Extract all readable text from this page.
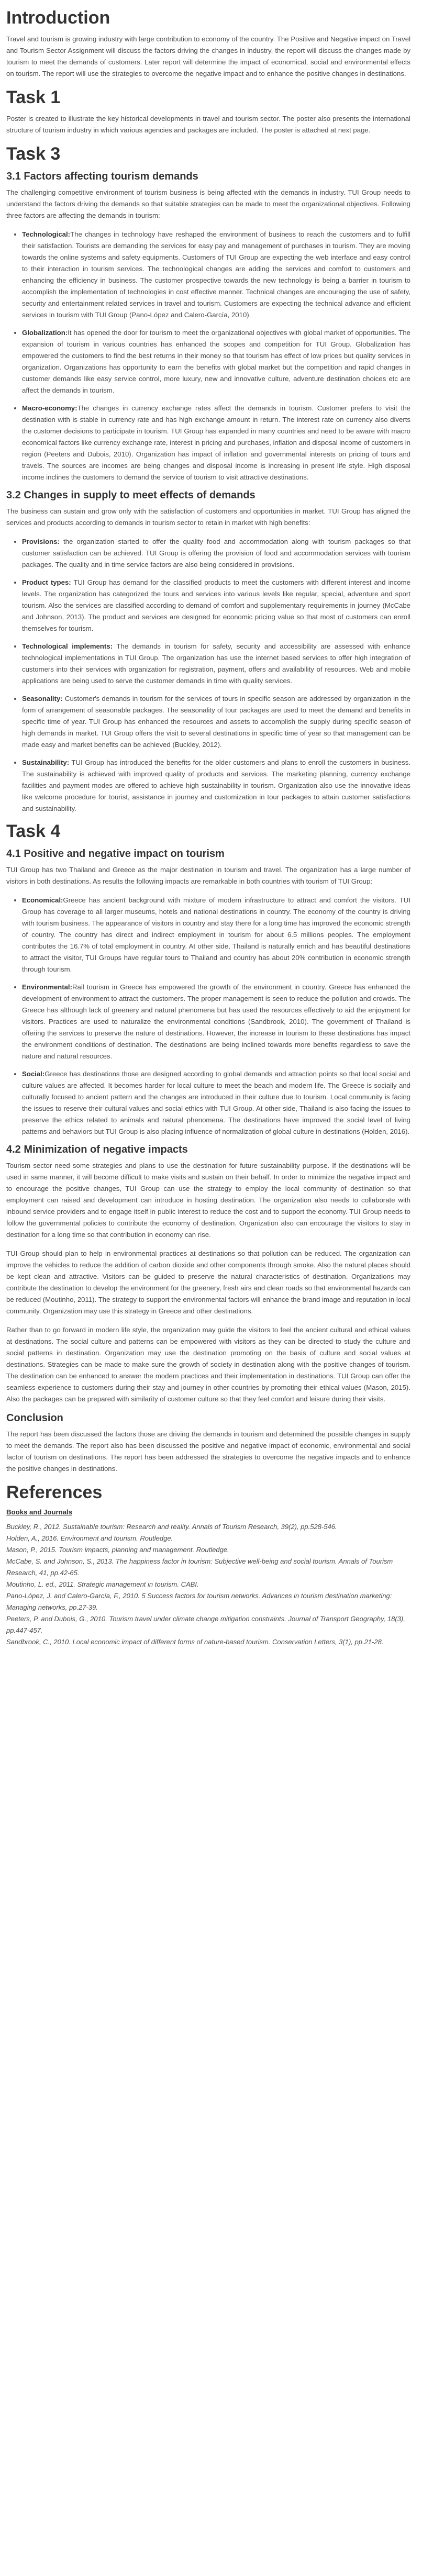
Introduction

Travel and tourism is growing industry with large contribution to economy of the country. The Positive and Negative impact on Travel and Tourism Sector Assignment will discuss the factors driving the changes in industry, the report will discuss the changes made by tourism to meet the demands of customers. Later report will determine the impact of economical, social and environmental effects on tourism. The report will use the strategies to overcome the negative impact and to enhance the positive changes in destinations.

Task 1

Poster is created to illustrate the key historical developments in travel and tourism sector. The poster also presents the international structure of tourism industry in which various agencies and packages are included. The poster is attached at next page.

Task 3
3.1 Factors affecting tourism demands

The challenging competitive environment of tourism business is being affected with the demands in industry. TUI Group needs to understand the factors driving the demands so that suitable strategies can be made to meet the organizational objectives. Following three factors are affecting the demands in tourism:

• Technological:The changes in technology have reshaped the environment of business to reach the customers and to fulfill their satisfaction. Tourists are demanding the services for easy pay and management of purchases in tourism. They are moving towards the online systems and safety equipments. Customers of TUI Group are expecting the web interface and easy control to their interaction in tourism services. The technological changes are adding the services and comfort to customers and enhancing the efficiency in business. The customer prospective towards the new technology is being a barrier in tourism to accomplish the implementation of technologies in cost effective manner. Technical changes are encouraging the use of safety, security and entertainment related services in travel and tourism. Customers are expecting the technical advance and efficient services in tourism with TUI Group (Pano-López and Calero-García, 2010).
• Globalization:It has opened the door for tourism to meet the organizational objectives with global market of opportunities. The expansion of tourism in various countries has enhanced the scopes and competition for TUI Group. Globalization has empowered the customers to find the best returns in their money so that tourism has effect of low prices but quality services in organization. Organizations has opportunity to earn the benefits with global market but the competition and rapid changes in customer demands like easy service control, more luxury, new and innovative culture, adventure destination choices etc are affect the demands in tourism.
• Macro-economy:The changes in currency exchange rates affect the demands in tourism. Customer prefers to visit the destination with is stable in currency rate and has high exchange amount in return. The interest rate on currency also diverts the customer decisions to participate in tourism. TUI Group has expanded in many countries and need to be aware with macro economical factors like currency exchange rate, interest in pricing and purchases, inflation and disposal income of customers in region (Peeters and Dubois, 2010). Organization has impact of inflation and governmental interests on pricing of tours and travels. The sources are incomes are being changes and disposal income is increasing in present life style. High disposal income inclines the customers to demand the service of tourism to visit attractive destinations.
3.2 Changes in supply to meet effects of demands

The business can sustain and grow only with the satisfaction of customers and opportunities in market. TUI Group has aligned the services and products according to demands in tourism sector to retain in market with high benefits:

• Provisions: the organization started to offer the quality food and accommodation along with tourism packages so that customer satisfaction can be achieved. TUI Group is offering the provision of food and accommodation services with tourism packages. The quality and in time service factors are also being considered in provisions.
• Product types: TUI Group has demand for the classified products to meet the customers with different interest and income levels. The organization has categorized the tours and services into various levels like regular, special, adventure and sport tourism. Also the services are classified according to demand of comfort and supplementary requirements in journey (McCabe and Johnson, 2013). The product and services are designed for economic pricing value so that most of customers can enroll themselves for tourism.
• Technological implements: The demands in tourism for safety, security and accessibility are assessed with enhance technological implementations in TUI Group. The organization has use the internet based services to offer high integration of customers into their services with organization for registration, payment, offers and availability of resources. Web and mobile applications are being used to serve the customer demands in time with quality services.
• Seasonality: Customer's demands in tourism for the services of tours in specific season are addressed by organization in the form of arrangement of seasonable packages. The seasonality of tour packages are used to meet the demand and benefits in specific time of year. TUI Group has enhanced the resources and assets to accomplish the supply during specific season of high demands in market. TUI Group offers the visit to several destinations in specific time of year so that management can be made easy and market benefits can be achieved (Buckley, 2012).
• Sustainability: TUI Group has introduced the benefits for the older customers and plans to enroll the customers in business. The sustainability is achieved with improved quality of products and services. The marketing planning, currency exchange facilities and payment modes are offered to achieve high sustainability in tourism. Organization also use the innovative ideas like welcome procedure for tourist, assistance in journey and customization in tour packages to attain customer satisfactions and sustainability.
Task 4
4.1 Positive and negative impact on tourism

TUI Group has two Thailand and Greece as the major destination in tourism and travel. The organization has a large number of visitors in both destinations. As results the following impacts are remarkable in both countries with tourism of TUI Group:

• Economical:Greece has ancient background with mixture of modern infrastructure to attract and comfort the visitors. TUI Group has coverage to all larger museums, hotels and national destinations in country. The economy of the country is driving with tourism business. The appearance of visitors in country and stay there for a long time has improved the economic strength of country. The country has direct and indirect employment in tourism for about 6.5 millions peoples. The employment contributes the 16.7% of total employment in country. At other side, Thailand is naturally enrich and has beautiful destinations to attract the visitor, TUI Groups have regular tours to Thailand and country has about 20% contribution in economic strength through tourism.
• Environmental:Rail tourism in Greece has empowered the growth of the environment in country. Greece has enhanced the development of environment to attract the customers. The proper management is seen to reduce the pollution and crowds. The Greece has although lack of greenery and natural phenomena but has used the resources effectively to aid the enjoyment for visitors. Practices are used to naturalize the environmental conditions (Sandbrook, 2010). The government of Thailand is offering the services to preserve the nature of destinations. However, the increase in tourism to these destinations has impact the environment conditions of destination. The destinations are being inclined towards more benefits regardless to save the nature and natural resources.
• Social:Greece has destinations those are designed according to global demands and attraction points so that local social and culture values are affected. It becomes harder for local culture to meet the beach and modern life. The Greece is socially and culturally focused to ancient pattern and the changes are introduced in their culture due to tourism. Local community is facing the issues to reserve their cultural values and social ethics with TUI Group. At other side, Thailand is also facing the issues to preserve the ethics related to animals and natural phenomena. The destinations have improved the social level of living patterns and behaviors but TUI Group is also placing influence of normalization of global culture in destinations (Holden, 2016).
4.2 Minimization of negative impacts

Tourism sector need some strategies and plans to use the destination for future sustainability purpose. If the destinations will be used in same manner, it will become difficult to make visits and sustain on their behalf. In order to minimize the negative impact and to encourage the positive changes, TUI Group can use the strategy to employ the local community of destination so that employment can raised and development can introduce in hosting destination. The organization also needs to collaborate with inbound service providers and to engage itself in public interest to reduce the cost and to support the economy. TUI Group needs to follow the governmental policies to contribute the economy of destination. Organization also can encourage the visitors to stay in destination for a long time so that contribution in economy can rise.

TUI Group should plan to help in environmental practices at destinations so that pollution can be reduced. The organization can improve the vehicles to reduce the addition of carbon dioxide and other components through smoke. Also the natural places should be kept clean and attractive. Visitors can be guided to preserve the natural characteristics of destination. Organizations may contribute the destination to develop the environment for the greenery, fresh airs and clean roads so that environmental hazards can be reduced (Moutinho, 2011). The strategy to support the environmental factors will enhance the brand image and reputation in local community. Organization may use this strategy in Greece and other destinations.

Rather than to go forward in modern life style, the organization may guide the visitors to feel the ancient cultural and ethical values at destinations. The social culture and patterns can be empowered with visitors as they can be directed to study the culture and social patterns in destination. Organization may use the destination promoting on the basis of culture and social values at destinations. Strategies can be made to make sure the growth of society in destination along with the positive changes of tourism. The destination can be enhanced to answer the modern practices and their implementation in destinations. TUI Group can offer the seamless experience to customers during their stay and journey in other countries by promoting their ethical values (Mason, 2015). Also the packages can be prepared with similarity of customer culture so that they feel comfort and leisure during their visits.

Conclusion

The report has been discussed the factors those are driving the demands in tourism and determined the possible changes in supply to meet the demands. The report also has been discussed the positive and negative impact of economic, environmental and social factor of tourism on destinations. The report has been addressed the strategies to overcome the negative impacts and to enhance the positive changes in destinations.

References
Books and Journals

Buckley, R., 2012. Sustainable tourism: Research and reality. Annals of Tourism Research, 39(2), pp.528-546.

Holden, A., 2016. Environment and tourism. Routledge.

Mason, P., 2015. Tourism impacts, planning and management. Routledge.

McCabe, S. and Johnson, S., 2013. The happiness factor in tourism: Subjective well-being and social tourism. Annals of Tourism Research, 41, pp.42-65.

Moutinho, L. ed., 2011. Strategic management in tourism. CABI.

Pano-López, J. and Calero-García, F., 2010. 5 Success factors for tourism networks. Advances in tourism destination marketing: Managing networks, pp.27-39.

Peeters, P. and Dubois, G., 2010. Tourism travel under climate change mitigation constraints. Journal of Transport Geography, 18(3), pp.447-457.

Sandbrook, C., 2010. Local economic impact of different forms of nature-based tourism. Conservation Letters, 3(1), pp.21-28.
